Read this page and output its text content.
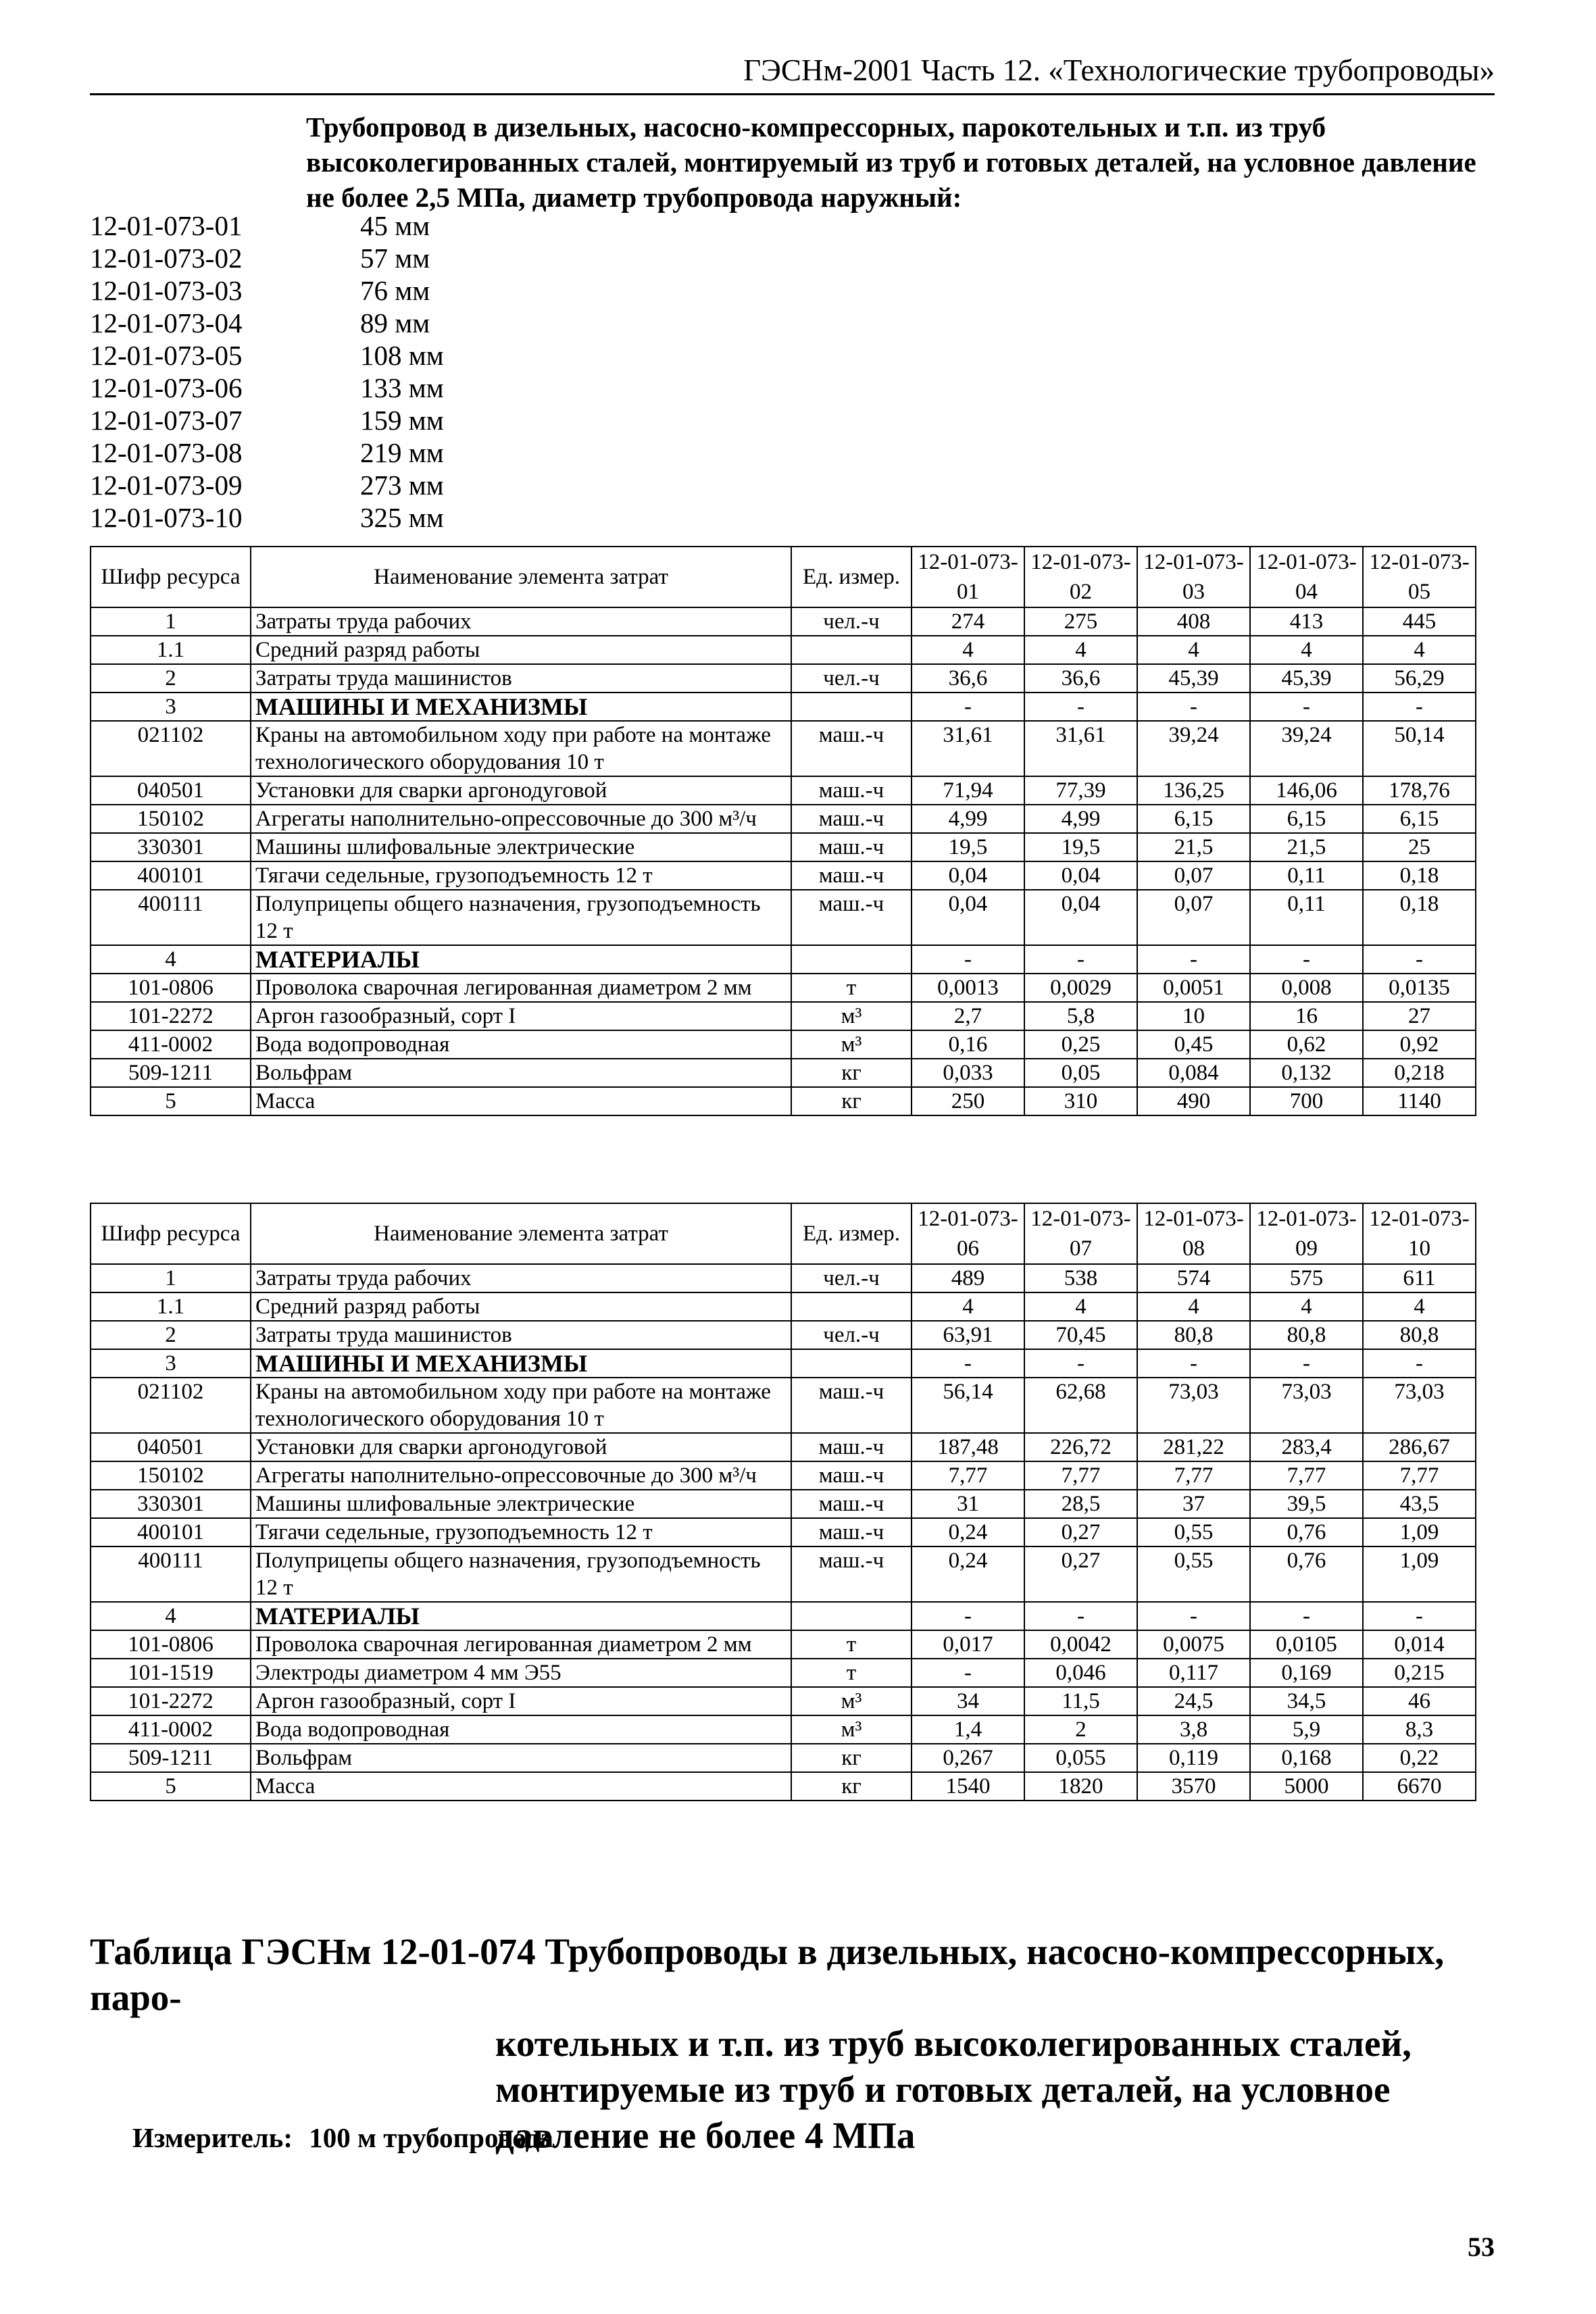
ГЭСНм-2001 Часть 12. «Технологические трубопроводы»
Трубопровод в дизельных, насосно-компрессорных, парокотельных и т.п. из труб высоколегированных сталей, монтируемый из труб и готовых деталей, на условное давление не более 2,5 МПа, диаметр трубопровода наружный:
12-01-073-01	45 мм
12-01-073-02	57 мм
12-01-073-03	76 мм
12-01-073-04	89 мм
12-01-073-05	108 мм
12-01-073-06	133 мм
12-01-073-07	159 мм
12-01-073-08	219 мм
12-01-073-09	273 мм
12-01-073-10	325 мм
Шифр ресурса	Наименование элемента затрат	Ед. измер.	12-01-073-01	12-01-073-02	12-01-073-03	12-01-073-04	12-01-073-05
1	Затраты труда рабочих	чел.-ч	274	275	408	413	445
1.1	Средний разряд работы		4	4	4	4	4
2	Затраты труда машинистов	чел.-ч	36,6	36,6	45,39	45,39	56,29
3	МАШИНЫ И МЕХАНИЗМЫ		-	-	-	-	-
021102	Краны на автомобильном ходу при работе на монтаже технологического оборудования 10 т	маш.-ч	31,61	31,61	39,24	39,24	50,14
040501	Установки для сварки аргонодуговой	маш.-ч	71,94	77,39	136,25	146,06	178,76
150102	Агрегаты наполнительно-опрессовочные до 300 м³/ч	маш.-ч	4,99	4,99	6,15	6,15	6,15
330301	Машины шлифовальные электрические	маш.-ч	19,5	19,5	21,5	21,5	25
400101	Тягачи седельные, грузоподъемность 12 т	маш.-ч	0,04	0,04	0,07	0,11	0,18
400111	Полуприцепы общего назначения, грузоподъемность 12 т	маш.-ч	0,04	0,04	0,07	0,11	0,18
4	МАТЕРИАЛЫ		-	-	-	-	-
101-0806	Проволока сварочная легированная диаметром 2 мм	т	0,0013	0,0029	0,0051	0,008	0,0135
101-2272	Аргон газообразный, сорт I	м³	2,7	5,8	10	16	27
411-0002	Вода водопроводная	м³	0,16	0,25	0,45	0,62	0,92
509-1211	Вольфрам	кг	0,033	0,05	0,084	0,132	0,218
5	Масса	кг	250	310	490	700	1140
Шифр ресурса	Наименование элемента затрат	Ед. измер.	12-01-073-06	12-01-073-07	12-01-073-08	12-01-073-09	12-01-073-10
1	Затраты труда рабочих	чел.-ч	489	538	574	575	611
1.1	Средний разряд работы		4	4	4	4	4
2	Затраты труда машинистов	чел.-ч	63,91	70,45	80,8	80,8	80,8
3	МАШИНЫ И МЕХАНИЗМЫ		-	-	-	-	-
021102	Краны на автомобильном ходу при работе на монтаже технологического оборудования 10 т	маш.-ч	56,14	62,68	73,03	73,03	73,03
040501	Установки для сварки аргонодуговой	маш.-ч	187,48	226,72	281,22	283,4	286,67
150102	Агрегаты наполнительно-опрессовочные до 300 м³/ч	маш.-ч	7,77	7,77	7,77	7,77	7,77
330301	Машины шлифовальные электрические	маш.-ч	31	28,5	37	39,5	43,5
400101	Тягачи седельные, грузоподъемность 12 т	маш.-ч	0,24	0,27	0,55	0,76	1,09
400111	Полуприцепы общего назначения, грузоподъемность 12 т	маш.-ч	0,24	0,27	0,55	0,76	1,09
4	МАТЕРИАЛЫ		-	-	-	-	-
101-0806	Проволока сварочная легированная диаметром 2 мм	т	0,017	0,0042	0,0075	0,0105	0,014
101-1519	Электроды диаметром 4 мм Э55	т	-	0,046	0,117	0,169	0,215
101-2272	Аргон газообразный, сорт I	м³	34	11,5	24,5	34,5	46
411-0002	Вода водопроводная	м³	1,4	2	3,8	5,9	8,3
509-1211	Вольфрам	кг	0,267	0,055	0,119	0,168	0,22
5	Масса	кг	1540	1820	3570	5000	6670
Таблица ГЭСНм 12-01-074 Трубопроводы в дизельных, насосно-компрессорных, паро-
котельных и т.п. из труб высоколегированных сталей, монтируемые из труб и готовых деталей, на условное давление не более 4 МПа
Измеритель: 100 м трубопровода
53
